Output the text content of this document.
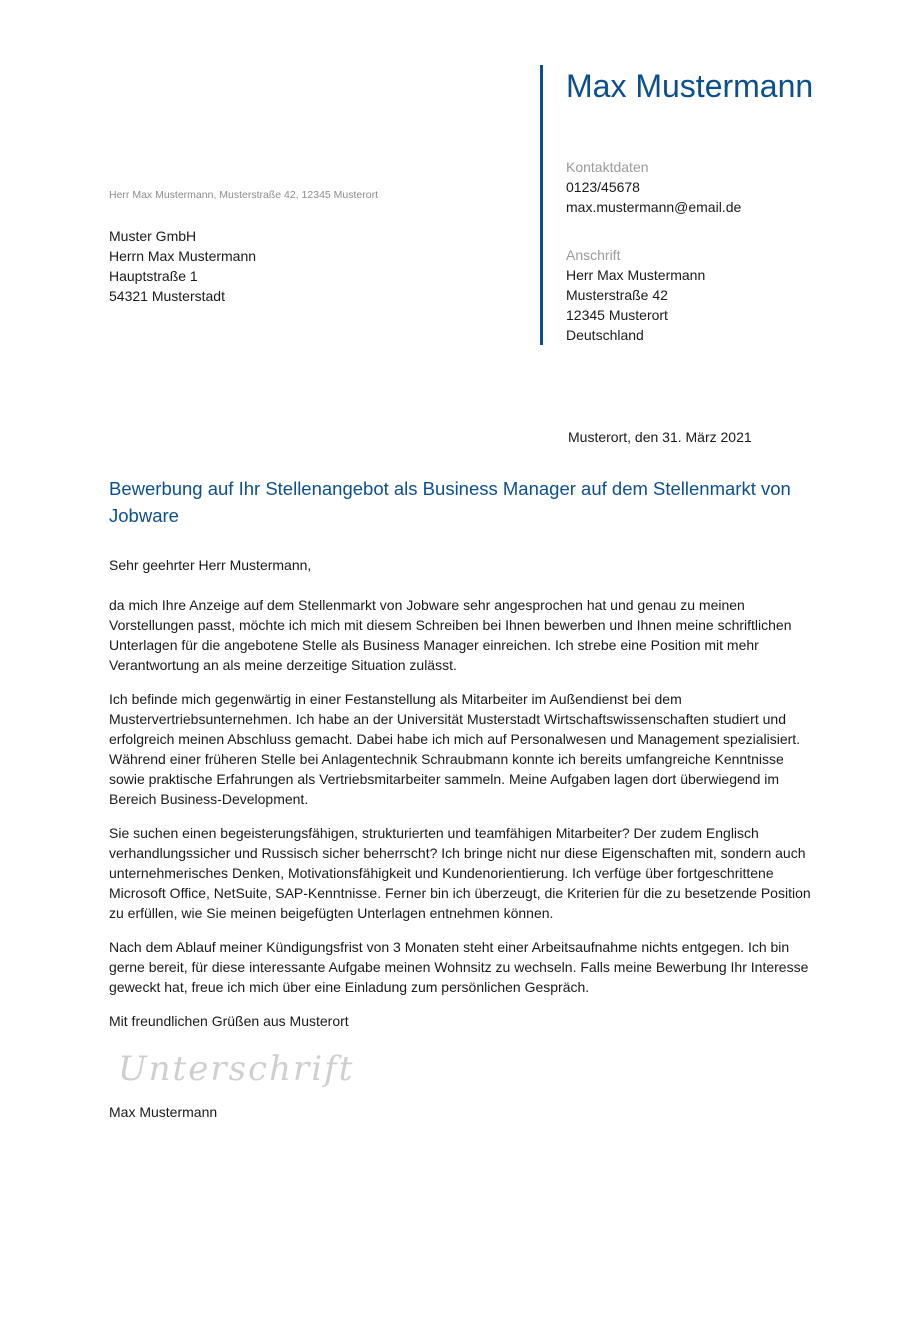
Max Mustermann
Kontaktdaten
0123/45678
max.mustermann@email.de
Anschrift
Herr Max Mustermann
Musterstraße 42
12345 Musterort
Deutschland
Herr Max Mustermann, Musterstraße 42, 12345 Musterort
Muster GmbH
Herrn Max Mustermann
Hauptstraße 1
54321 Musterstadt
Musterort, den 31. März 2021
Bewerbung auf Ihr Stellenangebot als Business Manager auf dem Stellenmarkt von Jobware

Sehr geehrter Herr Mustermann,

da mich Ihre Anzeige auf dem Stellenmarkt von Jobware sehr angesprochen hat und genau zu meinen Vorstellungen passt, möchte ich mich mit diesem Schreiben bei Ihnen bewerben und Ihnen meine schriftlichen Unterlagen für die angebotene Stelle als Business Manager einreichen. Ich strebe eine Position mit mehr Verantwortung an als meine derzeitige Situation zulässt.

Ich befinde mich gegenwärtig in einer Festanstellung als Mitarbeiter im Außendienst bei dem Mustervertriebsunternehmen. Ich habe an der Universität Musterstadt Wirtschaftswissenschaften studiert und erfolgreich meinen Abschluss gemacht. Dabei habe ich mich auf Personalwesen und Management spezialisiert. Während einer früheren Stelle bei Anlagentechnik Schraubmann konnte ich bereits umfangreiche Kenntnisse sowie praktische Erfahrungen als Vertriebsmitarbeiter sammeln. Meine Aufgaben lagen dort überwiegend im Bereich Business-Development.

Sie suchen einen begeisterungsfähigen, strukturierten und teamfähigen Mitarbeiter? Der zudem Englisch verhandlungssicher und Russisch sicher beherrscht? Ich bringe nicht nur diese Eigenschaften mit, sondern auch unternehmerisches Denken, Motivationsfähigkeit und Kundenorientierung. Ich verfüge über fortgeschrittene Microsoft Office, NetSuite, SAP-Kenntnisse. Ferner bin ich überzeugt, die Kriterien für die zu besetzende Position zu erfüllen, wie Sie meinen beigefügten Unterlagen entnehmen können.

Nach dem Ablauf meiner Kündigungsfrist von 3 Monaten steht einer Arbeitsaufnahme nichts entgegen. Ich bin gerne bereit, für diese interessante Aufgabe meinen Wohnsitz zu wechseln. Falls meine Bewerbung Ihr Interesse geweckt hat, freue ich mich über eine Einladung zum persönlichen Gespräch.

Mit freundlichen Grüßen aus Musterort

Unterschrift
Max Mustermann
